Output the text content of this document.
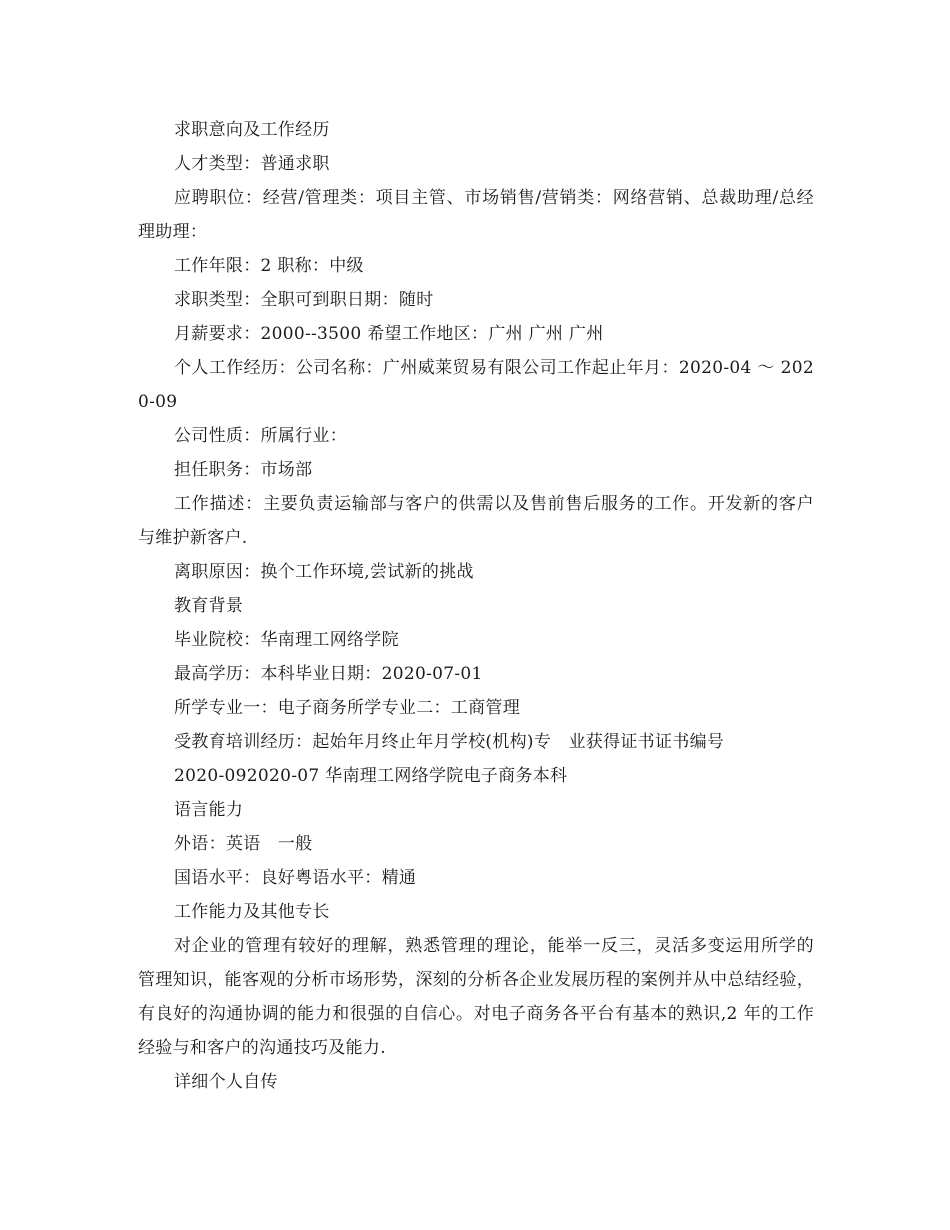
求职意向及工作经历

人才类型：普通求职

应聘职位：经营/管理类：项目主管、市场销售/营销类：网络营销、总裁助理/总经理助理：

工作年限：2 职称：中级

求职类型：全职可到职日期：随时

月薪要求：2000--3500 希望工作地区：广州 广州 广州

个人工作经历：公司名称：广州威莱贸易有限公司工作起止年月：2020-04 ～ 2020-09

公司性质：所属行业：

担任职务：市场部

工作描述：主要负责运输部与客户的供需以及售前售后服务的工作。开发新的客户与维护新客户.

离职原因：换个工作环境,尝试新的挑战

教育背景

毕业院校：华南理工网络学院

最高学历：本科毕业日期：2020-07-01

所学专业一：电子商务所学专业二：工商管理

受教育培训经历：起始年月终止年月学校(机构)专　业获得证书证书编号

2020-092020-07 华南理工网络学院电子商务本科

语言能力

外语：英语　一般

国语水平：良好粤语水平：精通

工作能力及其他专长

对企业的管理有较好的理解，熟悉管理的理论，能举一反三，灵活多变运用所学的管理知识，能客观的分析市场形势，深刻的分析各企业发展历程的案例并从中总结经验，有良好的沟通协调的能力和很强的自信心。对电子商务各平台有基本的熟识,2 年的工作经验与和客户的沟通技巧及能力.

详细个人自传
